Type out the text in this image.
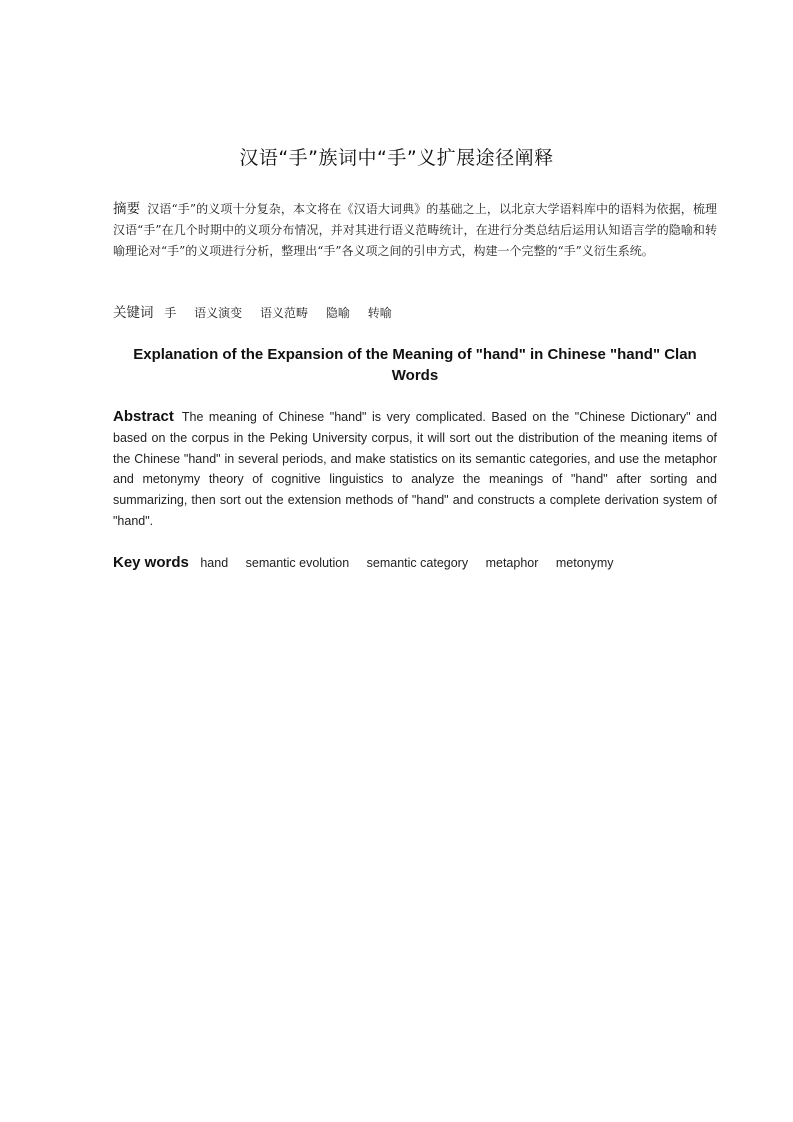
汉语“手”族词中“手”义扩展途径阐释
摘要 汉语“手”的义项十分复杂，本文将在《汉语大词典》的基础之上，以北京大学语料库中的语料为依据，梳理汉语“手”在几个时期中的义项分布情况，并对其进行语义范畴统计，在进行分类总结后运用认知语言学的隐喻和转喻理论对“手”的义项进行分析，整理出“手”各义项之间的引申方式，构建一个完整的“手”义衍生系统。
关键词 手 语义演变 语义范畴 隐喻 转喻
Explanation of the Expansion of the Meaning of "hand" in Chinese "hand" Clan Words
Abstract The meaning of Chinese "hand" is very complicated. Based on the "Chinese Dictionary" and based on the corpus in the Peking University corpus, it will sort out the distribution of the meaning items of the Chinese "hand" in several periods, and make statistics on its semantic categories, and use the metaphor and metonymy theory of cognitive linguistics to analyze the meanings of "hand" after sorting and summarizing, then sort out the extension methods of "hand" and constructs a complete derivation system of "hand".
Key words hand semantic evolution semantic category metaphor metonymy
